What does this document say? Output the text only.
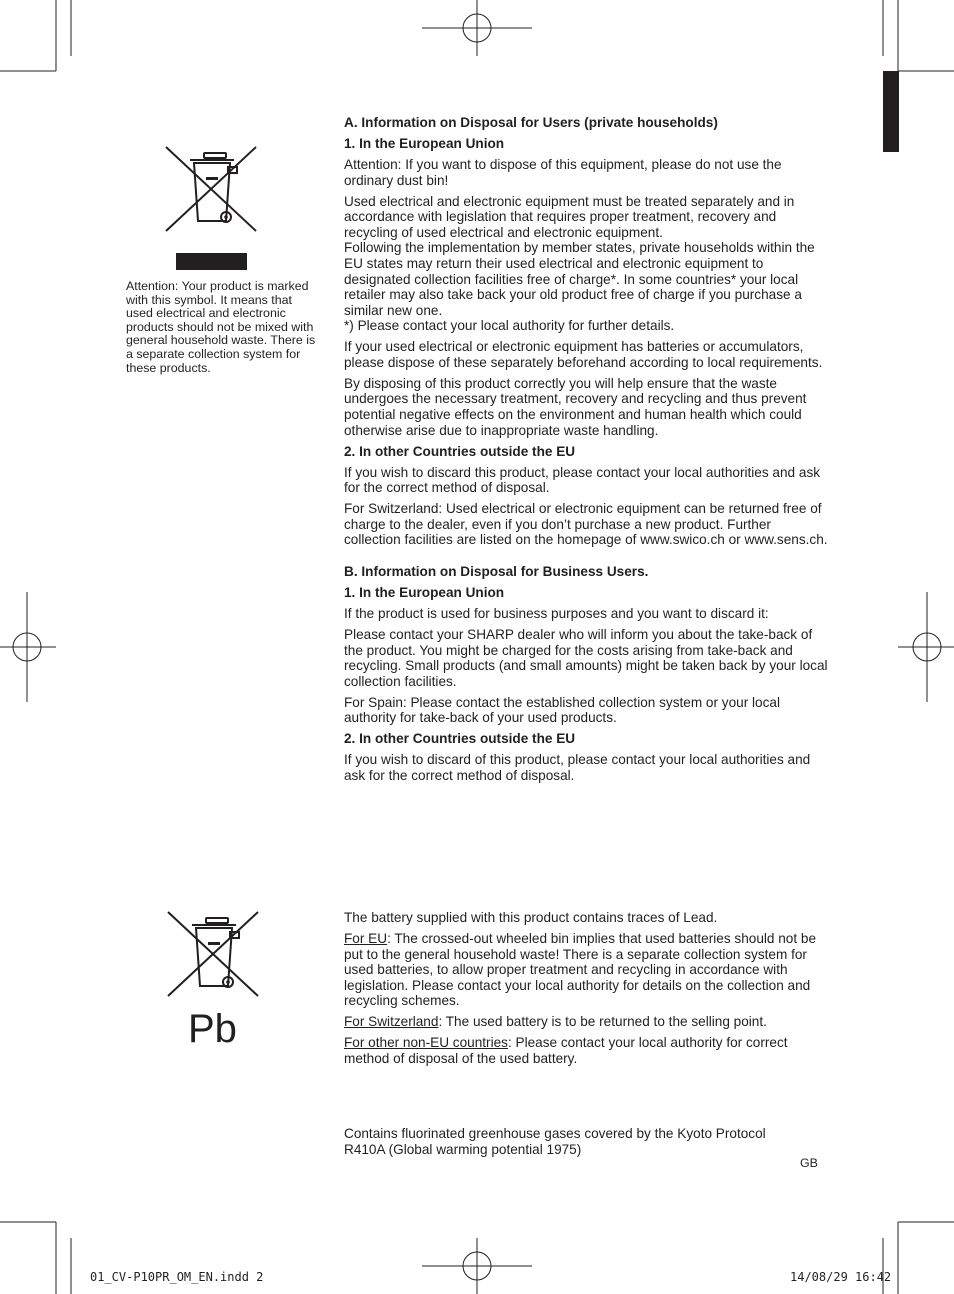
Attention: Your product is marked with this symbol. It means that used electrical and electronic products should not be mixed with general household waste. There is a separate collection system for these products.

A. Information on Disposal for Users (private households)

1. In the European Union

Attention: If you want to dispose of this equipment, please do not use the ordinary dust bin!

Used electrical and electronic equipment must be treated separately and in accordance with legislation that requires proper treatment, recovery and recycling of used electrical and electronic equipment.

Following the implementation by member states, private households within the EU states may return their used electrical and electronic equipment to designated collection facilities free of charge*. In some countries* your local retailer may also take back your old product free of charge if you purchase a similar new one.

*) Please contact your local authority for further details.

If your used electrical or electronic equipment has batteries or accumulators, please dispose of these separately beforehand according to local requirements.

By disposing of this product correctly you will help ensure that the waste undergoes the necessary treatment, recovery and recycling and thus prevent potential negative effects on the environment and human health which could otherwise arise due to inappropriate waste handling.

2. In other Countries outside the EU

If you wish to discard this product, please contact your local authorities and ask for the correct method of disposal.

For Switzerland: Used electrical or electronic equipment can be returned free of charge to the dealer, even if you don’t purchase a new product. Further collection facilities are listed on the homepage of www.swico.ch or www.sens.ch.

B. Information on Disposal for Business Users.

1. In the European Union

If the product is used for business purposes and you want to discard it:

Please contact your SHARP dealer who will inform you about the take-back of the product. You might be charged for the costs arising from take-back and recycling. Small products (and small amounts) might be taken back by your local collection facilities.

For Spain: Please contact the established collection system or your local authority for take-back of your used products.

2. In other Countries outside the EU

If you wish to discard of this product, please contact your local authorities and ask for the correct method of disposal.

Pb

The battery supplied with this product contains traces of Lead.

For EU: The crossed-out wheeled bin implies that used batteries should not be put to the general household waste! There is a separate collection system for used batteries, to allow proper treatment and recycling in accordance with legislation. Please contact your local authority for details on the collection and recycling schemes.

For Switzerland: The used battery is to be returned to the selling point.

For other non-EU countries: Please contact your local authority for correct method of disposal of the used battery.

Contains fluorinated greenhouse gases covered by the Kyoto Protocol
R410A (Global warming potential 1975)
GB
01_CV-P10PR_OM_EN.indd 2	14/08/29 16:42
